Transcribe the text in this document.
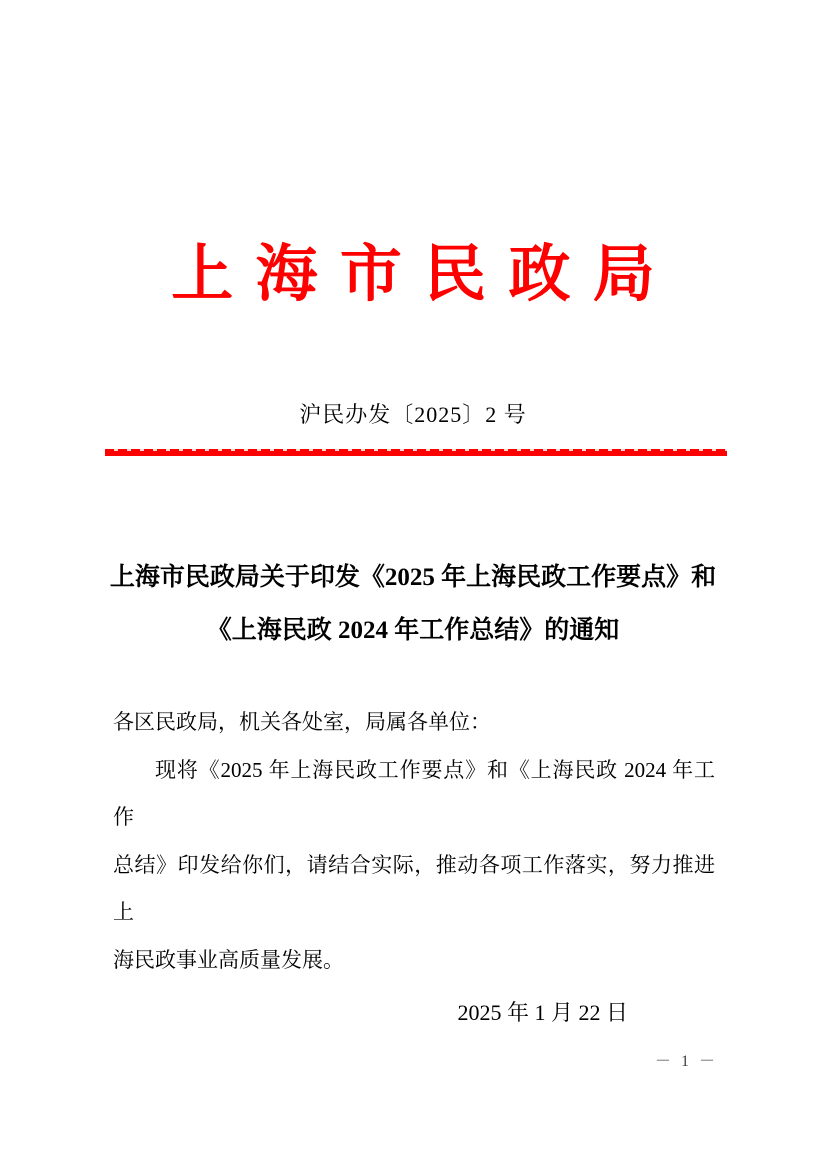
上海市民政局
沪民办发〔2025〕2 号
上海市民政局关于印发《2025 年上海民政工作要点》和
《上海民政 2024 年工作总结》的通知
各区民政局，机关各处室，局属各单位：
现将《2025 年上海民政工作要点》和《上海民政 2024 年工作
总结》印发给你们，请结合实际，推动各项工作落实，努力推进上
海民政事业高质量发展。
2025 年 1 月 22 日
－ 1 －
